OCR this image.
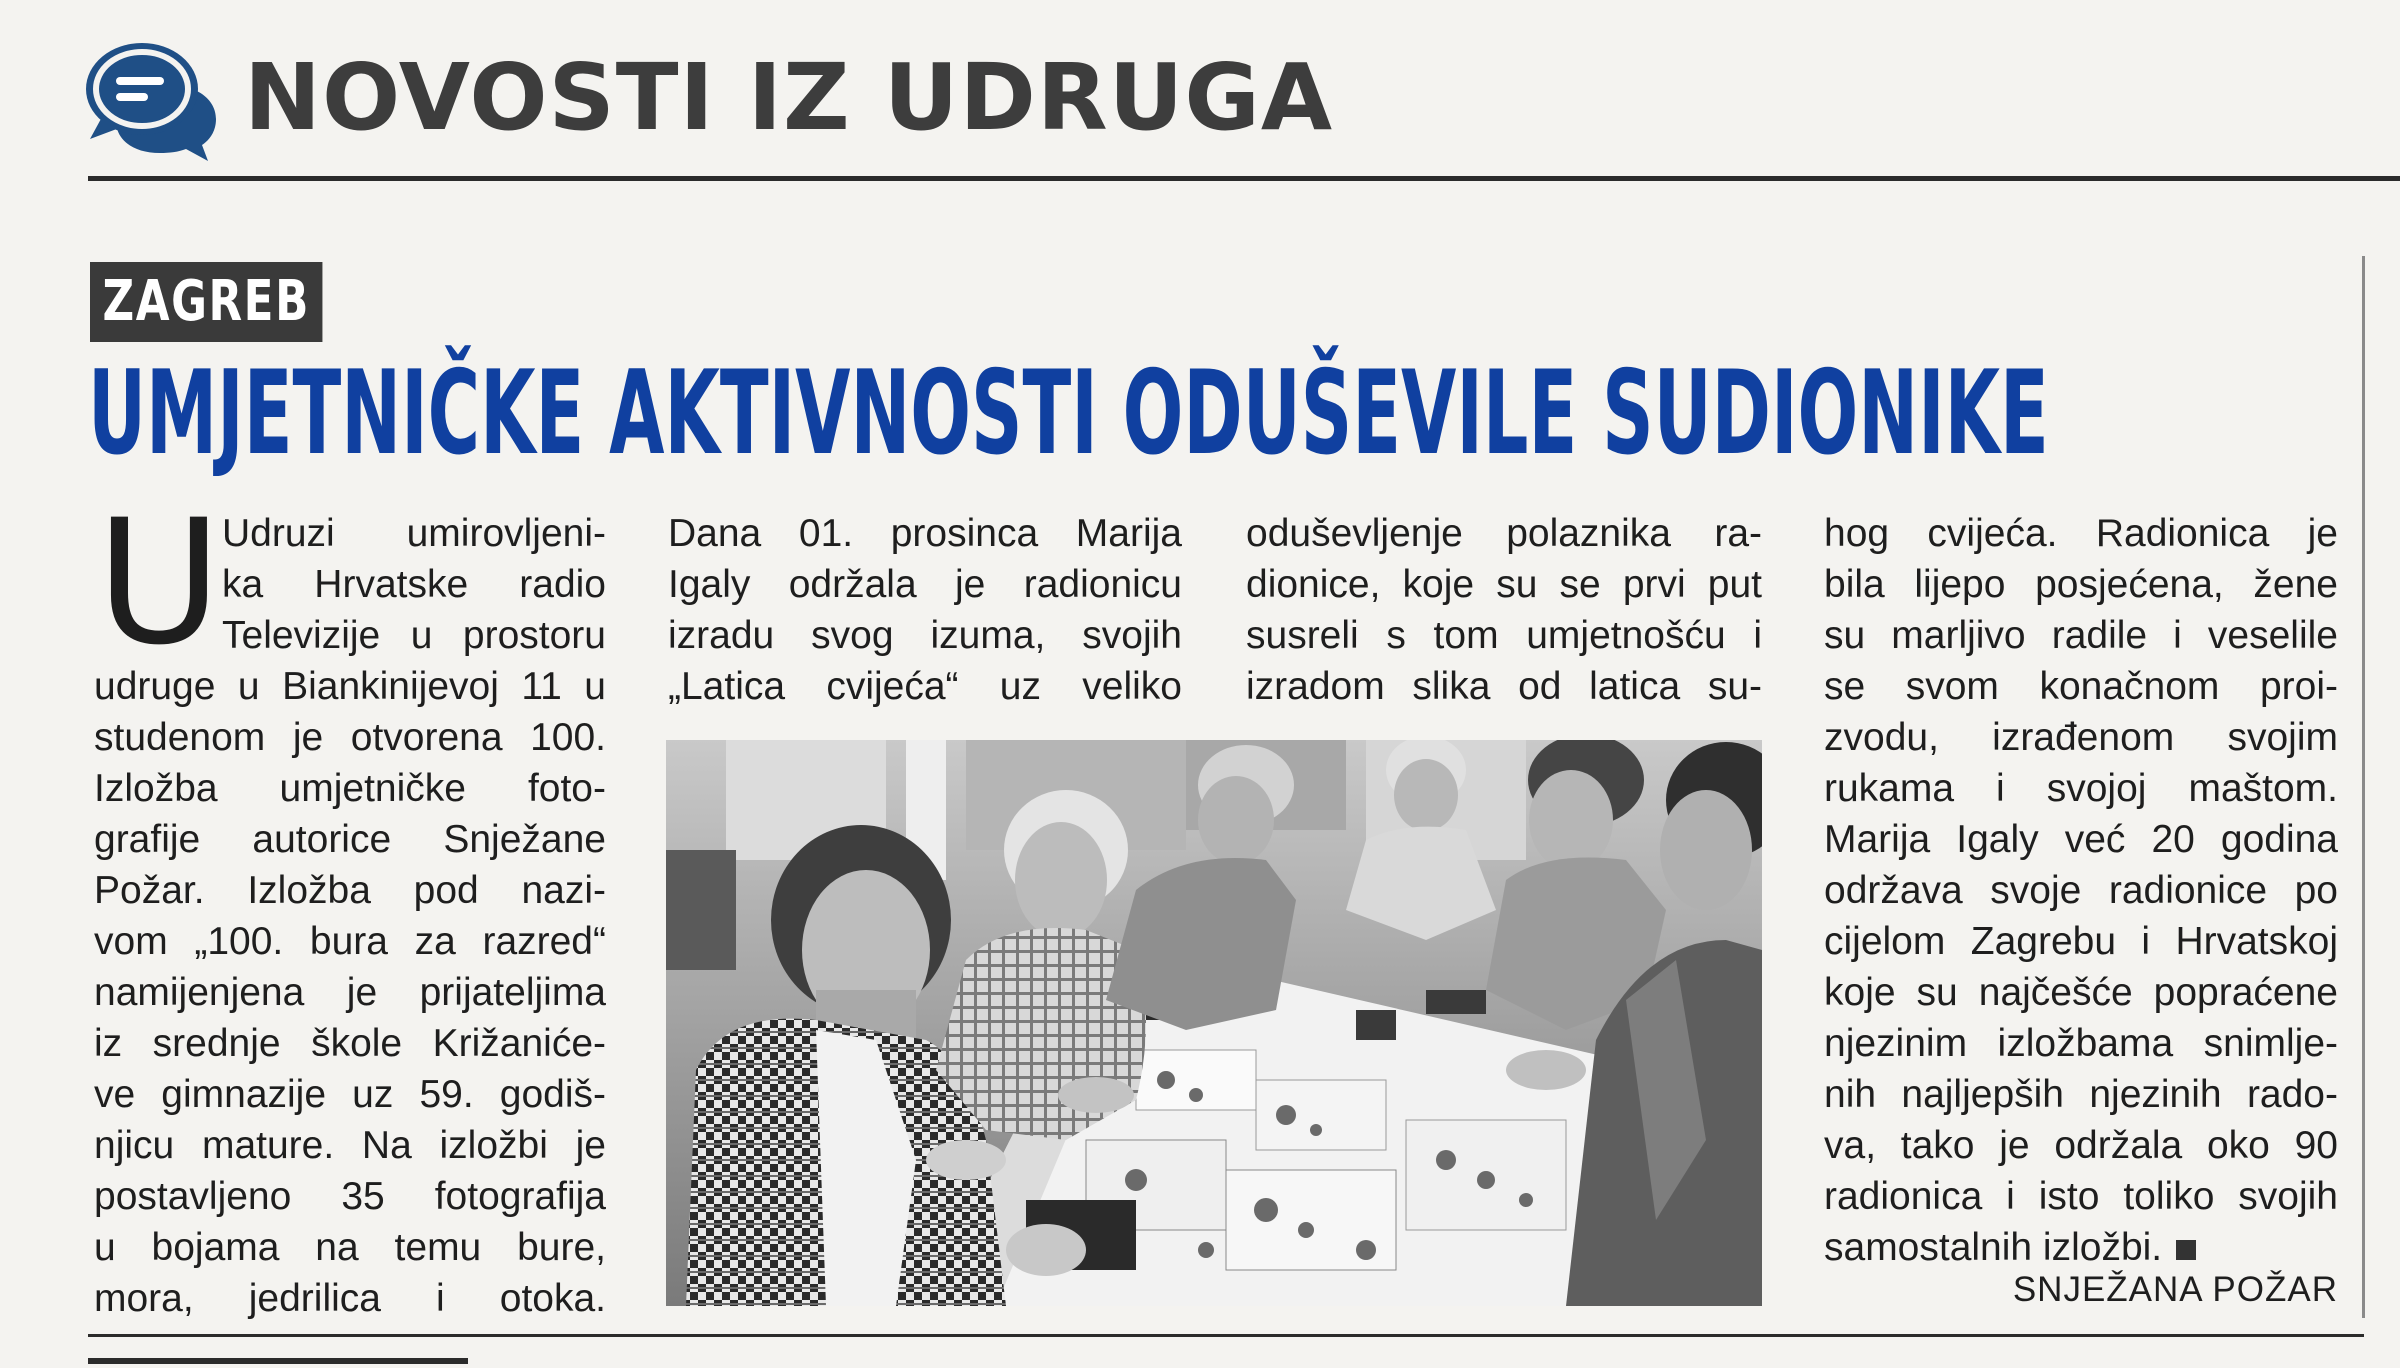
NOVOSTI IZ UDRUGA
ZAGREB
UMJETNIČKE AKTIVNOSTI ODUŠEVILE SUDIONIKE
U Udruzi umirovljeni-
ka Hrvatske radio
Televizije u prostoru
udruge u Biankinijevoj 11 u
studenom je otvorena 100.
Izložba umjetničke foto-
grafije autorice Snježane
Požar. Izložba pod nazi-
vom „100. bura za razred“
namijenjena je prijateljima
iz srednje škole Križaniće-
ve gimnazije uz 59. godiš-
njicu mature. Na izložbi je
postavljeno 35 fotografija
u bojama na temu bure,
mora, jedrilica i otoka.
Dana 01. prosinca Marija
Igaly održala je radionicu
izradu svog izuma, svojih
„Latica cvijeća“ uz veliko
oduševljenje polaznika ra-
dionice, koje su se prvi put
susreli s tom umjetnošću i
izradom slika od latica su-
hog cvijeća. Radionica je
bila lijepo posjećena, žene
su marljivo radile i veselile
se svom konačnom proi-
zvodu, izrađenom svojim
rukama i svojoj maštom.
Marija Igaly već 20 godina
održava svoje radionice po
cijelom Zagrebu i Hrvatskoj
koje su najčešće popraćene
njezinim izložbama snimlje-
nih najljepših njezinih rado-
va, tako je održala oko 90
radionica i isto toliko svojih
samostalnih izložbi.
SNJEŽANA POŽAR
